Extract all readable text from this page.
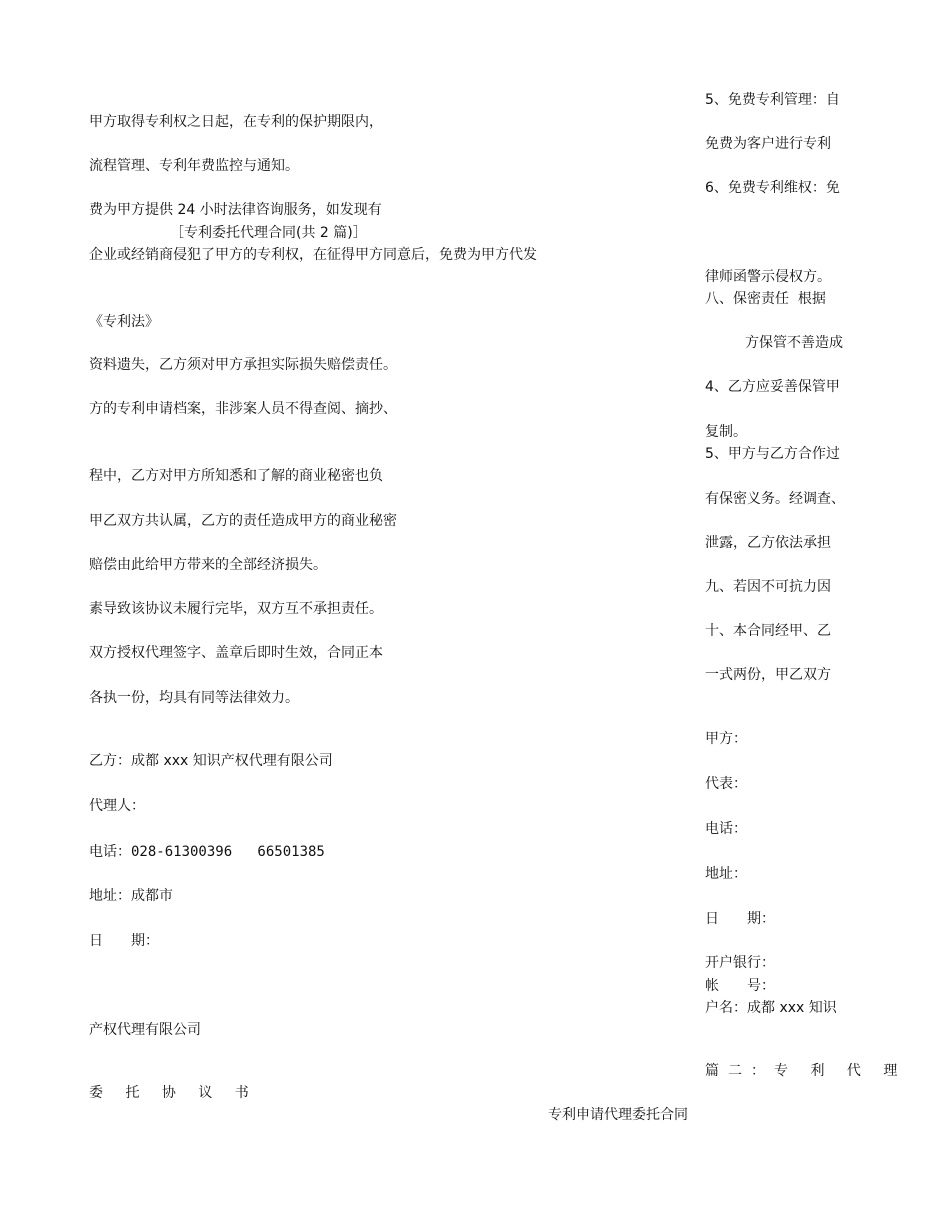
甲方取得专利权之日起，在专利的保护期限内，
流程管理、专利年费监控与通知。
费为甲方提供 24 小时法律咨询服务，如发现有
［专利委托代理合同(共 2 篇)］
企业或经销商侵犯了甲方的专利权，在征得甲方同意后，免费为甲方代发
《专利法》
资料遗失，乙方须对甲方承担实际损失赔偿责任。
方的专利申请档案，非涉案人员不得查阅、摘抄、
程中，乙方对甲方所知悉和了解的商业秘密也负
甲乙双方共认属，乙方的责任造成甲方的商业秘密
赔偿由此给甲方带来的全部经济损失。
素导致该协议未履行完毕，双方互不承担责任。
双方授权代理签字、盖章后即时生效，合同正本
各执一份，均具有同等法律效力。
乙方：成都 xxx 知识产权代理有限公司
代理人：
电话：028-61300396   66501385
地址：成都市
日　　期：
产权代理有限公司
委 托 协 议 书
专利申请代理委托合同
5、免费专利管理：自
免费为客户进行专利
6、免费专利维权：免
律师函警示侵权方。
八、保密责任  根据
方保管不善造成
4、乙方应妥善保管甲
复制。
5、甲方与乙方合作过
有保密义务。经调查、
泄露，乙方依法承担
九、若因不可抗力因
十、本合同经甲、乙
一式两份，甲乙双方
甲方：
代表：
电话：
地址：
日　　期：
开户银行：
帐　　号：
户名：成都 xxx 知识
篇二：专 利 代 理
